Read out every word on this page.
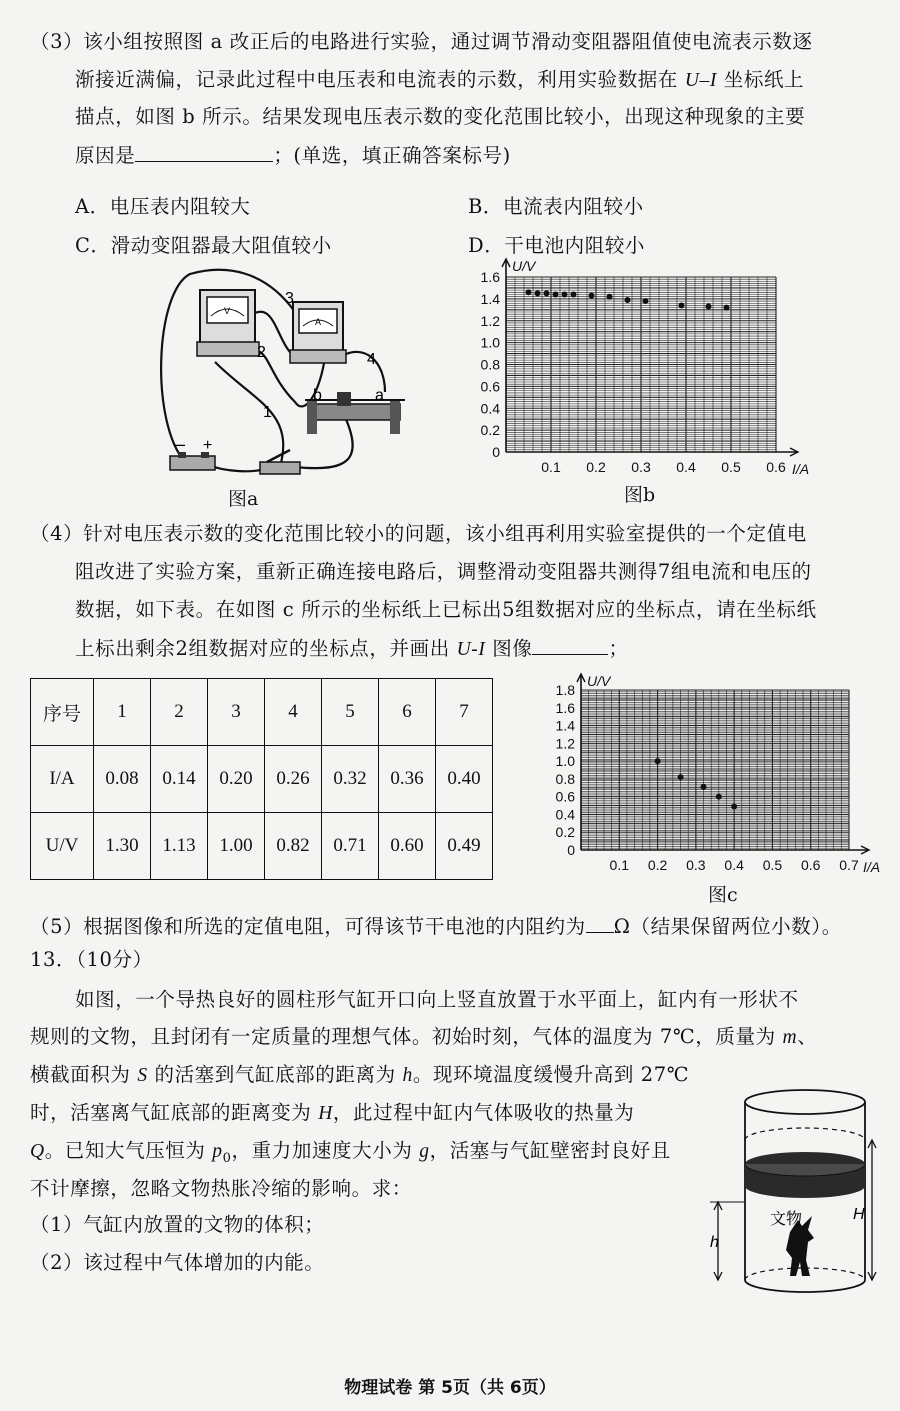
（3）该小组按照图 a 改正后的电路进行实验，通过调节滑动变阻器阻值使电流表示数逐
渐接近满偏，记录此过程中电压表和电流表的示数，利用实验数据在 U–I 坐标纸上
描点，如图 b 所示。结果发现电压表示数的变化范围比较小，出现这种现象的主要
原因是	；(单选，填正确答案标号)
A．电压表内阻较大	B．电流表内阻较小
C．滑动变阻器最大阻值较小	D．干电池内阻较小
V
A
3
2	4
1
a
b
– +
图a
0
0.2
0.4
0.6
0.8
1.0
1.2
1.4
1.6
0.1 0.2 0.3 0.4 0.5 0.6
U/V
I/A
图b
（4）针对电压表示数的变化范围比较小的问题，该小组再利用实验室提供的一个定值电
阻改进了实验方案，重新正确连接电路后，调整滑动变阻器共测得7组电流和电压的
数据，如下表。在如图 c 所示的坐标纸上已标出5组数据对应的坐标点，请在坐标纸
上标出剩余2组数据对应的坐标点，并画出 U-I 图像	；
序号	1	2	3	4	5	6	7
I/A	0.08	0.14	0.20	0.26	0.32	0.36	0.40
U/V	1.30	1.13	1.00	0.82	0.71	0.60	0.49	0
0.2
0.4
0.6
0.8
1.0
1.2
1.4
1.6
1.8
0.1 0.2 0.3 0.4 0.5 0.6 0.7
U/V
I/A
图c
（5）根据图像和所选的定值电阻，可得该节干电池的内阻约为 Ω（结果保留两位小数）。
13．（10分）
如图，一个导热良好的圆柱形气缸开口向上竖直放置于水平面上，缸内有一形状不
规则的文物，且封闭有一定质量的理想气体。初始时刻，气体的温度为 7℃，质量为 m、
横截面积为 S 的活塞到气缸底部的距离为 h。现环境温度缓慢升高到 27℃
时，活塞离气缸底部的距离变为 H，此过程中缸内气体吸收的热量为
Q。已知大气压恒为 $p_0$，重力加速度大小为 g，活塞与气缸壁密封良好且
不计摩擦，忽略文物热胀冷缩的影响。求：
（1）气缸内放置的文物的体积；
（2）该过程中气体增加的内能。
文物
h
H
物理试卷 第 5页（共 6页）
